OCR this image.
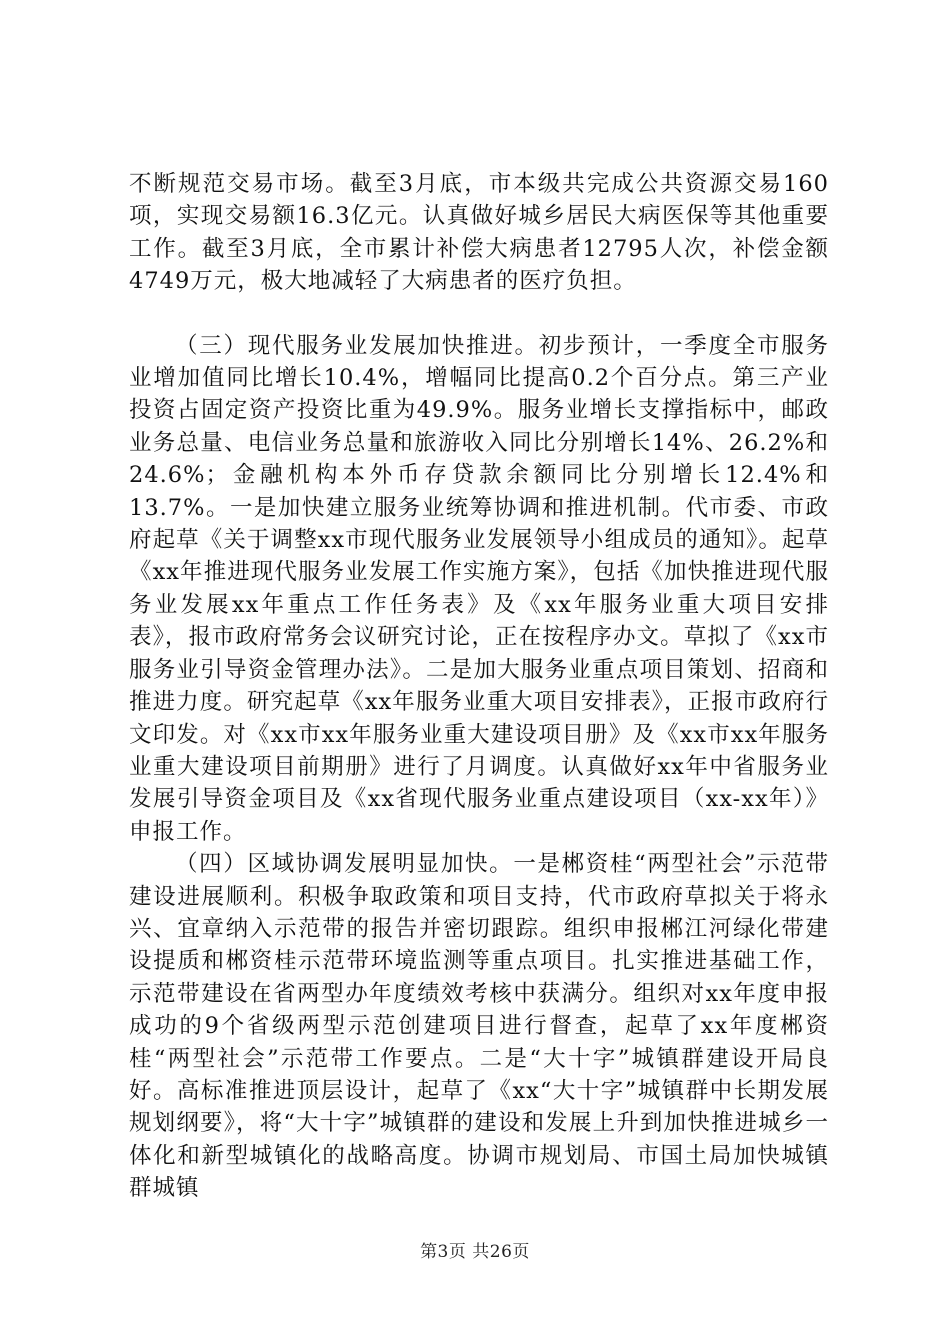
不断规范交易市场。截至3月底，市本级共完成公共资源交易160项，实现交易额16.3亿元。认真做好城乡居民大病医保等其他重要工作。截至3月底，全市累计补偿大病患者12795人次，补偿金额4749万元，极大地减轻了大病患者的医疗负担。

（三）现代服务业发展加快推进。初步预计，一季度全市服务业增加值同比增长10.4%，增幅同比提高0.2个百分点。第三产业投资占固定资产投资比重为49.9%。服务业增长支撑指标中，邮政业务总量、电信业务总量和旅游收入同比分别增长14%、26.2%和24.6%；金融机构本外币存贷款余额同比分别增长12.4%和13.7%。一是加快建立服务业统筹协调和推进机制。代市委、市政府起草《关于调整xx市现代服务业发展领导小组成员的通知》。起草《xx年推进现代服务业发展工作实施方案》，包括《加快推进现代服务业发展xx年重点工作任务表》及《xx年服务业重大项目安排表》，报市政府常务会议研究讨论，正在按程序办文。草拟了《xx市服务业引导资金管理办法》。二是加大服务业重点项目策划、招商和推进力度。研究起草《xx年服务业重大项目安排表》，正报市政府行文印发。对《xx市xx年服务业重大建设项目册》及《xx市xx年服务业重大建设项目前期册》进行了月调度。认真做好xx年中省服务业发展引导资金项目及《xx省现代服务业重点建设项目（xx-xx年）》申报工作。

（四）区域协调发展明显加快。一是郴资桂“两型社会”示范带建设进展顺利。积极争取政策和项目支持，代市政府草拟关于将永兴、宜章纳入示范带的报告并密切跟踪。组织申报郴江河绿化带建设提质和郴资桂示范带环境监测等重点项目。扎实推进基础工作，示范带建设在省两型办年度绩效考核中获满分。组织对xx年度申报成功的9个省级两型示范创建项目进行督查，起草了xx年度郴资桂“两型社会”示范带工作要点。二是“大十字”城镇群建设开局良好。高标准推进顶层设计，起草了《xx“大十字”城镇群中长期发展规划纲要》，将“大十字”城镇群的建设和发展上升到加快推进城乡一体化和新型城镇化的战略高度。协调市规划局、市国土局加快城镇群城镇

第3页 共26页
